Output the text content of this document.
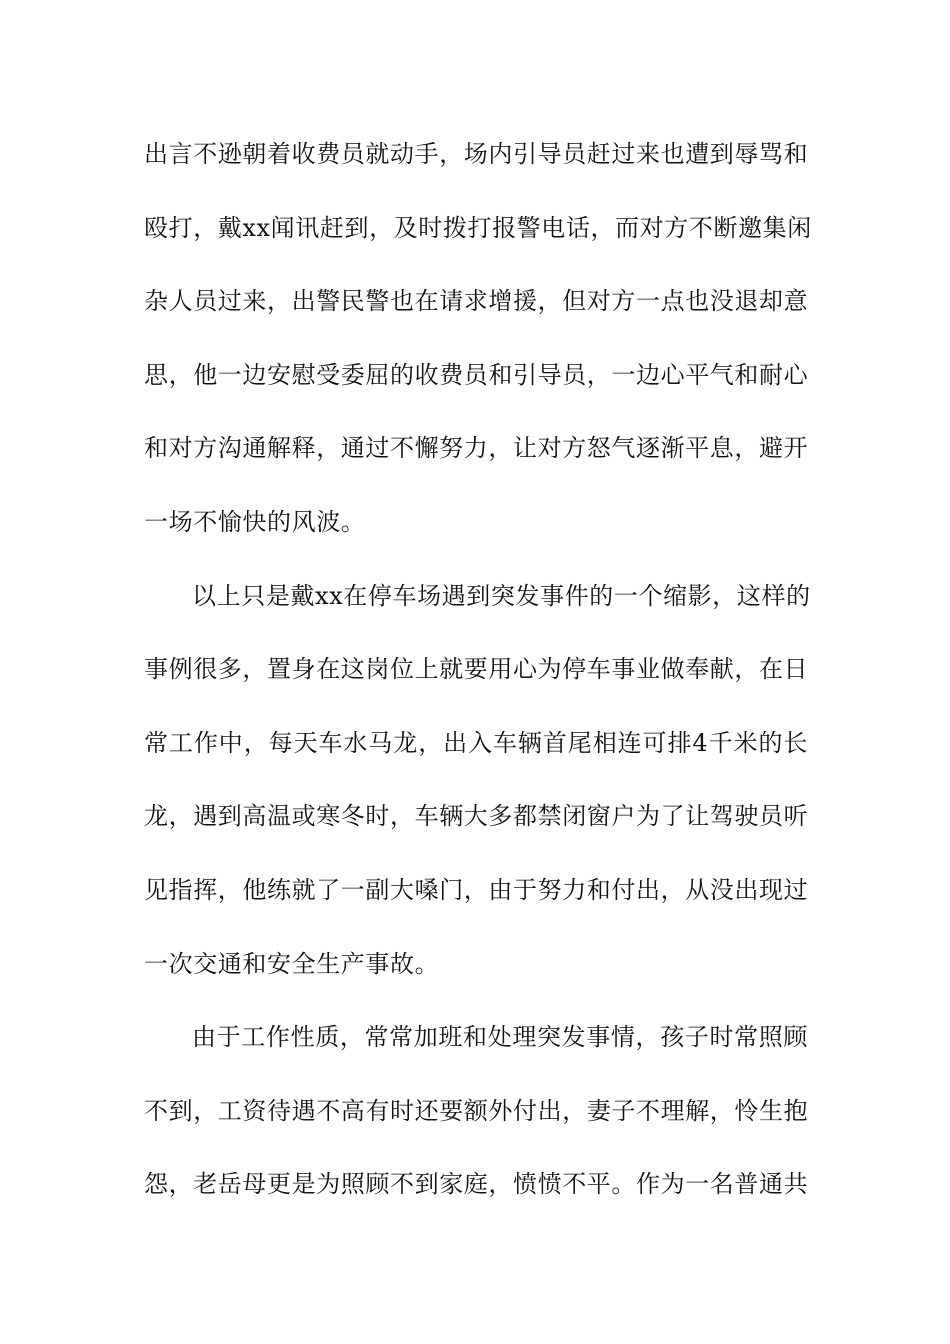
出言不逊朝着收费员就动手，场内引导员赶过来也遭到辱骂和
殴打，戴xx闻讯赶到，及时拨打报警电话，而对方不断邀集闲
杂人员过来，出警民警也在请求增援，但对方一点也没退却意
思，他一边安慰受委屈的收费员和引导员，一边心平气和耐心
和对方沟通解释，通过不懈努力，让对方怒气逐渐平息，避开
一场不愉快的风波。
以上只是戴xx在停车场遇到突发事件的一个缩影，这样的
事例很多，置身在这岗位上就要用心为停车事业做奉献，在日
常工作中，每天车水马龙，出入车辆首尾相连可排4千米的长
龙，遇到高温或寒冬时，车辆大多都禁闭窗户为了让驾驶员听
见指挥，他练就了一副大嗓门，由于努力和付出，从没出现过
一次交通和安全生产事故。
由于工作性质，常常加班和处理突发事情，孩子时常照顾
不到，工资待遇不高有时还要额外付出，妻子不理解，怜生抱
怨，老岳母更是为照顾不到家庭，愤愤不平。作为一名普通共
